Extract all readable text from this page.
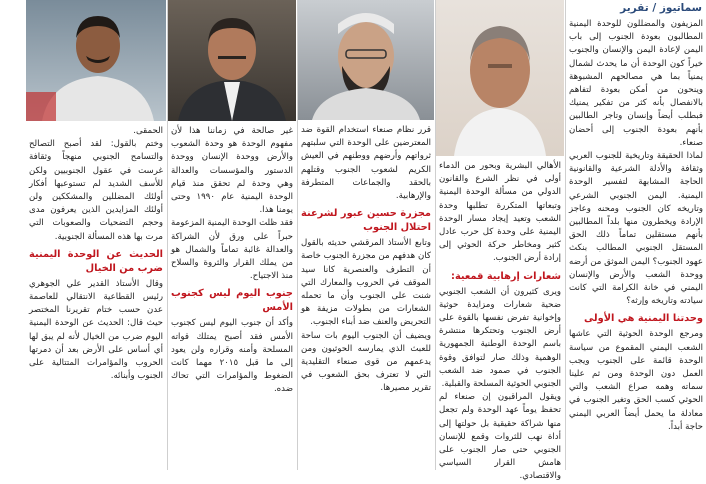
سماتيوز / تقرير

المزيفون والمضللون للوحدة اليمنية المطالبون بعودة الجنوب إلى باب اليمن لإعادة اليمن والإنسان والجنوب خيراً كون الوحدة أن ما يحدث لشمال يمنياً بما هي مصالحهم المشبوهة وينحون من أمكن بعودة لتفاهم بالانفصال بأنه كثر من تفكير يمنيك فبطلب أيضاً وإنسان وتاجر الطالبين بأنهم بعودة الجنوب إلى أحضان صنعاء.

لماذا الحقيقة وتاريخية للجنوب العربي وثقافة والأدلة الشرعية والقانونية الحاجة المشابهة لتفسير الوحدة اليمنية. اليمن الجنوبي الشرعي وتاريخه كان الجنوب ومحنه وعاجز الإرادة ويخطرون منها بلداً المطالبين بأنهم مستقلين تماماً ذلك الحق المستقل الجنوبي المطالب بنكث عهود الجنوب؟ اليمن الموثق من أرضه ووحدة الشعب والأرض والإنسان اليمني في خانة الكرامة التي كانت سيادته وتاريخه وإرثه؟

وحدتنا اليمنية هي الأولى

ومرجع الوحدة الحوثية التي عاشها الشعب اليمني المقموع من سياسة الوحدة قائمة على الجنوب ويجب العمل دون الوحدة ومن ثم علينا سماته وهمه صراع الشعب والتي الحوثي كسب الحق وتغير الجنوب في معادلة ما يحمل أيضاً العربي اليمني حاجة أبداً.

الأهالي البشرية وبحور من الدماء أولى في نظر الشرع والقانون الدولي من مسألة الوحدة اليمنية وتبعاتها المتكررة تطلبها وحدة الشعب وتعيد إيجاد مسار الوحدة اليمنية على وحدة كل حرب عادل كثير ومخاطر حركة الحوثي إلى إرادة أرض الجنوب.

شعارات إرهابية قمعية:

ويرى كثيرون أن الشعب الجنوبي ضحية شعارات ومزايدة حوثية وإخوانية تفرض نفسها بالقوة على أرض الجنوب وتحتكرها منتشرة باسم الوحدة الوطنية الجمهورية الوهمية وذلك صار لتوافق وقوة الجنوب في صمود ضد الشعب الجنوبي الحوثية المسلحة والقبلية.

ويقول المراقبون إن صنعاء لم تحفظ يوماً عهد الوحدة ولم تجعل منها شراكة حقيقية بل حولتها إلى أداة نهب للثروات وقمع للإنسان الجنوبي حتى صار الجنوب على هامش القرار السياسي والاقتصادي.

قرر نظام صنعاء استخدام القوة ضد المعترضين على الوحدة التي سلبتهم ثرواتهم وأرضهم ووطنهم في العيش الكريم لشعوب الجنوب وقتلهم بالحقد والجماعات المتطرفة والإرهابية.

مجزرة حسين عبور لشرعنة احتلال الجنوب

وتابع الأستاذ المرقشي حديثه بالقول كان هدفهم من مجزرة الجنوب خاصة أن التطرف والعنصرية كانا سيد الموقف في الحروب والمعارك التي شنت على الجنوب وأن ما تحمله الشعارات من بطولات مزيفة هو التحريض والعنف ضد أبناء الجنوب.

ويضيف أن الجنوب اليوم بات ساحة للعبث الذي يمارسه الحوثيون ومن يدعمهم من قوى صنعاء التقليدية التي لا تعترف بحق الشعوب في تقرير مصيرها.

غير صالحة في زماننا هذا لأن مفهوم الوحدة هو وحدة الشعوب والأرض ووحدة الإنسان ووحدة الدستور والمؤسسات والعدالة وهي وحدة لم تحقق منذ قيام الوحدة اليمنية عام ١٩٩٠ وحتى يومنا هذا.

فقد ظلت الوحدة اليمنية المزعومة حبراً على ورق لأن الشراكة والعدالة غائبة تماماً والشمال هو من يملك القرار والثروة والسلاح منذ الاجتياح.

جنوب اليوم ليس كجنوب الأمس

وأكد أن جنوب اليوم ليس كجنوب الأمس فقد أصبح يمتلك قواته المسلحة وأمنه وقراره ولن يعود إلى ما قبل ٢٠١٥ مهما كانت الضغوط والمؤامرات التي تحاك ضده.

الحمقى.

وختم بالقول: لقد أصبح التصالح والتسامح الجنوبي منهجاً وثقافة غرست في عقول الجنوبيين ولكن للأسف الشديد لم تستوعبها أفكار أولئك المضللين والمشككين ولن أولئك المزايدين الذين يعرفون مدى وحجم التضحيات والصعوبات التي مرت بها هذه المسألة الجنوبية.

الحديث عن الوحدة اليمنية ضرب من الخيال

وقال الأستاذ القدير علي الجوهري رئيس القطاعية الانتقالي للعاصمة عدن حسب ختام تقريرنا المختصر حيث قال: الحديث عن الوحدة اليمنية اليوم ضرب من الخيال لأنه لم يبق لها أي أساس على الأرض بعد أن دمرتها الحروب والمؤامرات المتتالية على الجنوب وأبنائه.
